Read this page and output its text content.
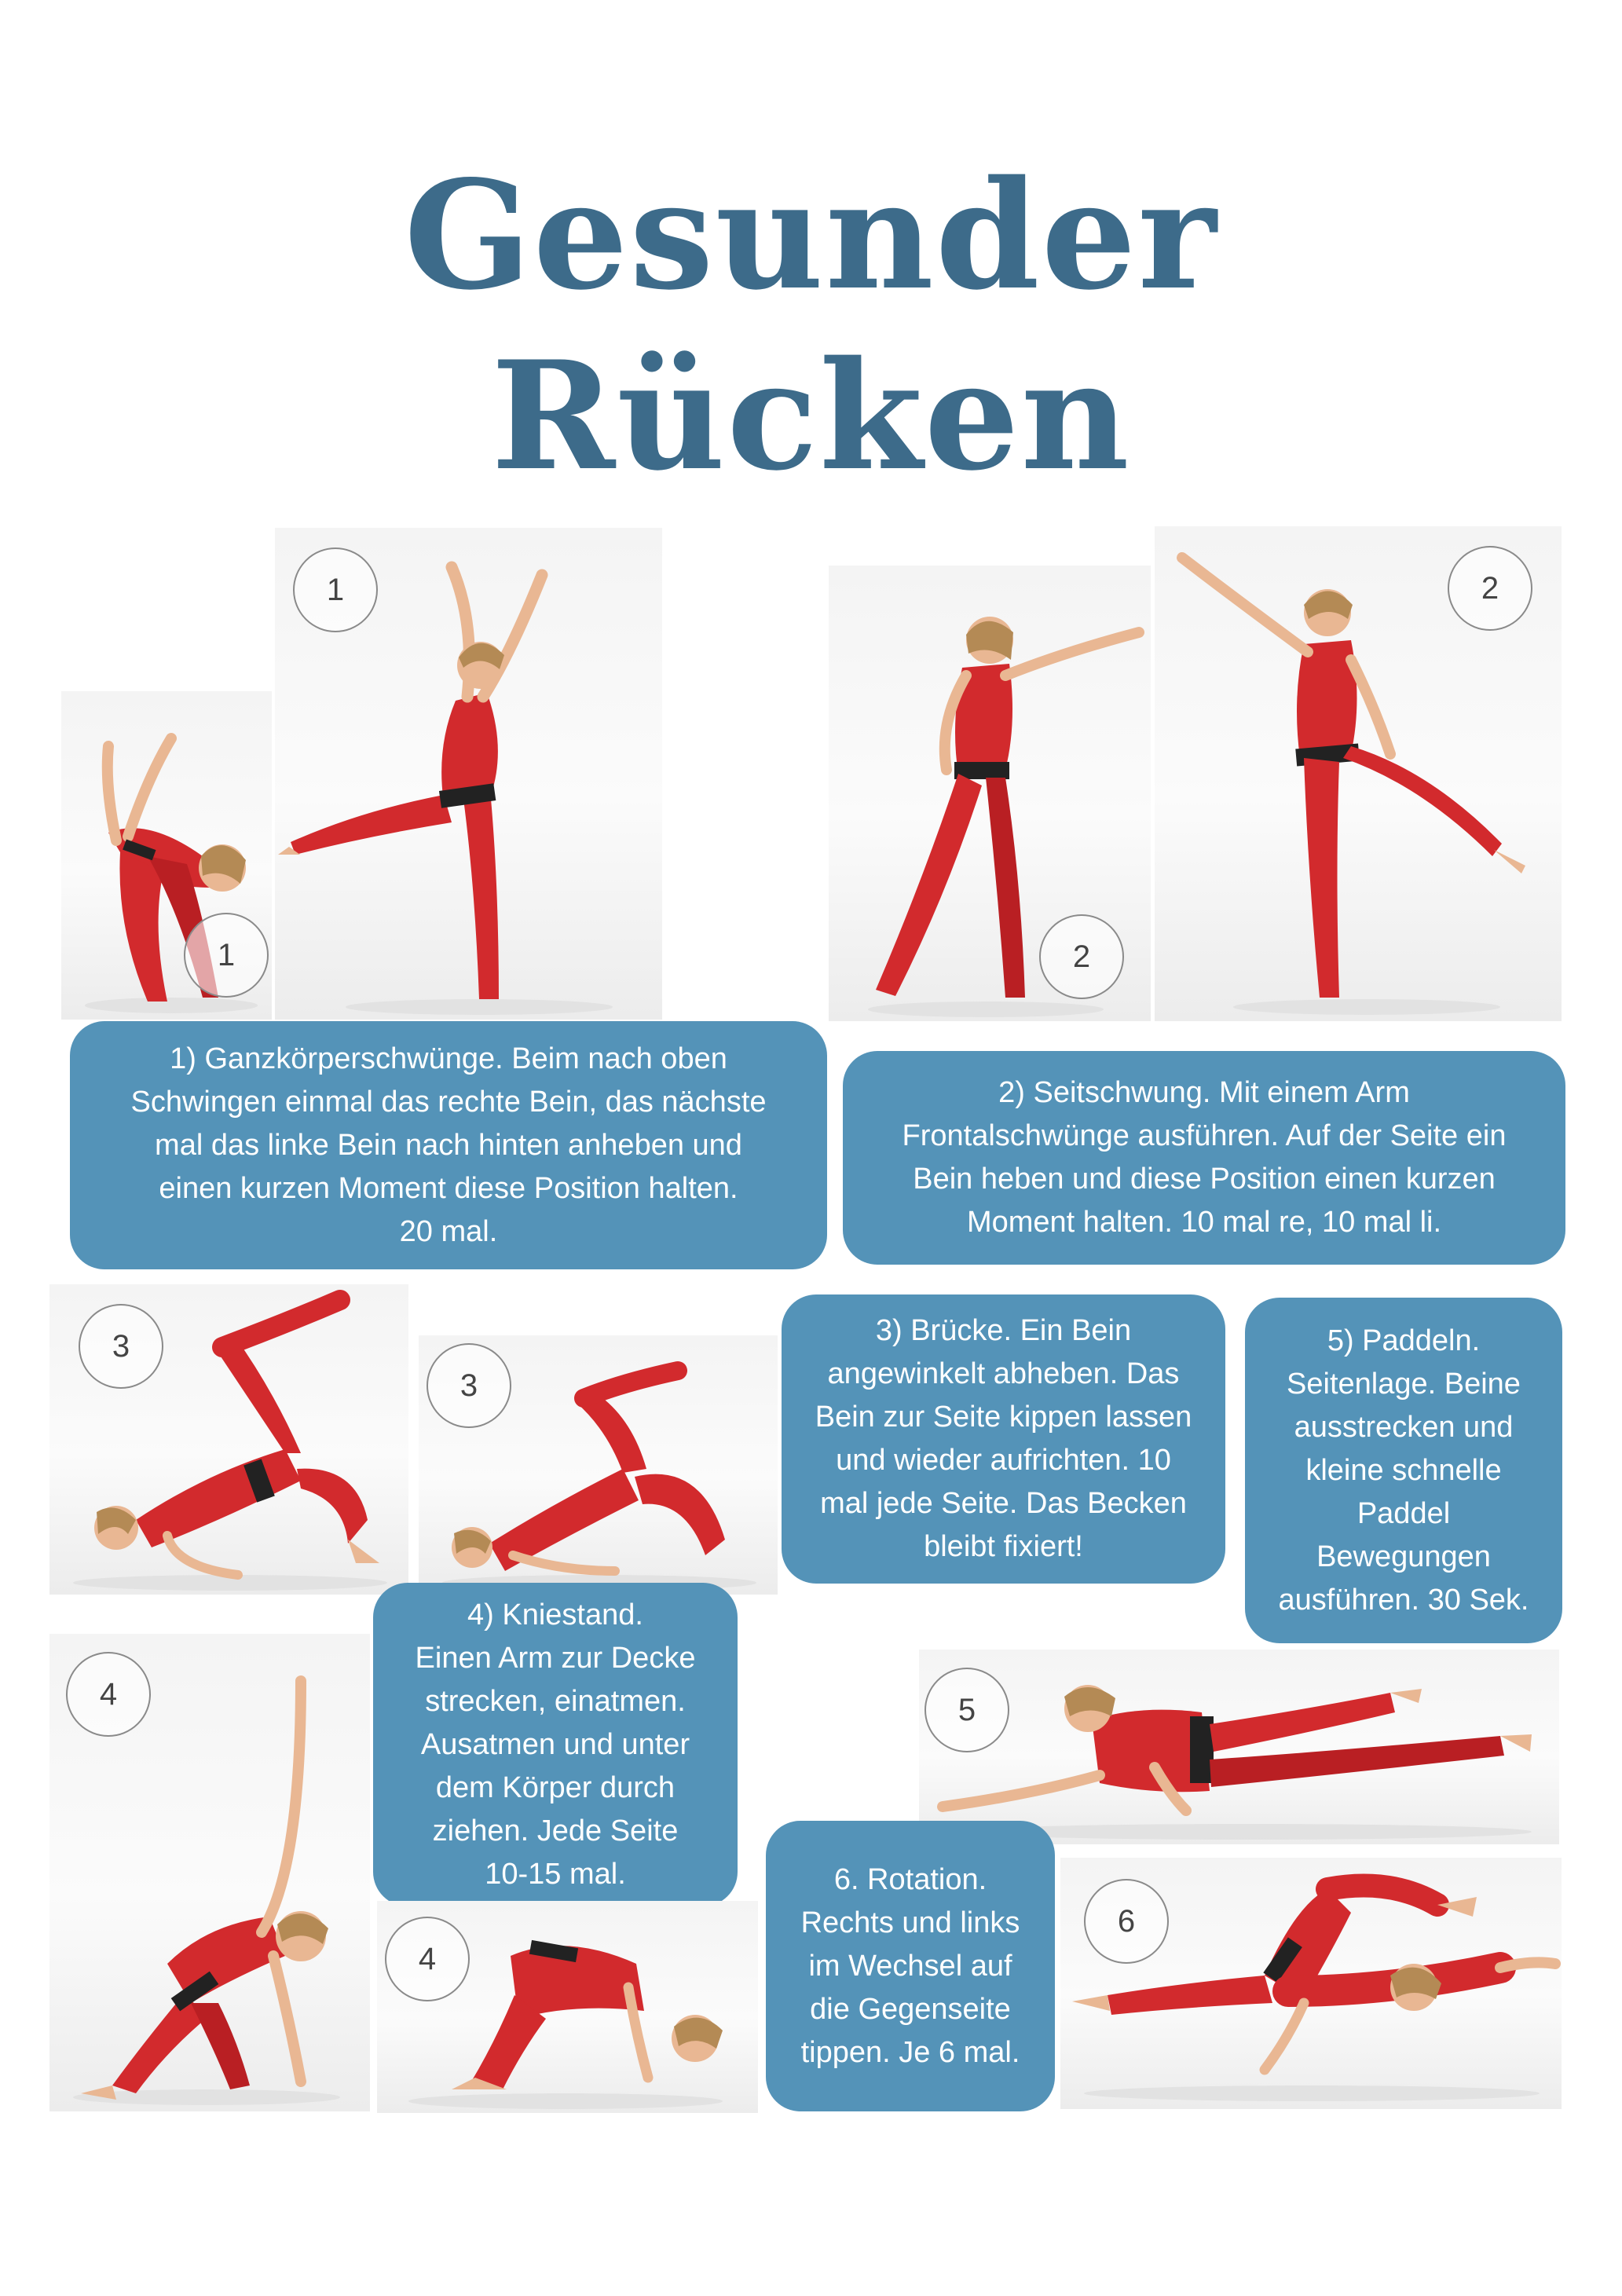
Gesunder
Rücken
1
1
2
2
1) Ganzkörperschwünge. Beim nach oben
Schwingen einmal das rechte Bein, das nächste
mal das linke Bein nach hinten anheben und
einen kurzen Moment diese Position halten.
20 mal.
2) Seitschwung. Mit einem Arm
Frontalschwünge ausführen. Auf der Seite ein
Bein heben und diese Position einen kurzen
Moment halten. 10 mal re, 10 mal li.
3
3
3) Brücke. Ein Bein
angewinkelt abheben. Das
Bein zur Seite kippen lassen
und wieder aufrichten. 10
mal jede Seite. Das Becken
bleibt fixiert!
5) Paddeln.
Seitenlage. Beine
ausstrecken und
kleine schnelle
Paddel
Bewegungen
ausführen. 30 Sek.
4) Kniestand.
Einen Arm zur Decke
strecken, einatmen.
Ausatmen und unter
dem Körper durch
ziehen. Jede Seite
10-15 mal.
4
4
5
6. Rotation.
Rechts und links
im Wechsel auf
die Gegenseite
tippen. Je 6 mal.
6
